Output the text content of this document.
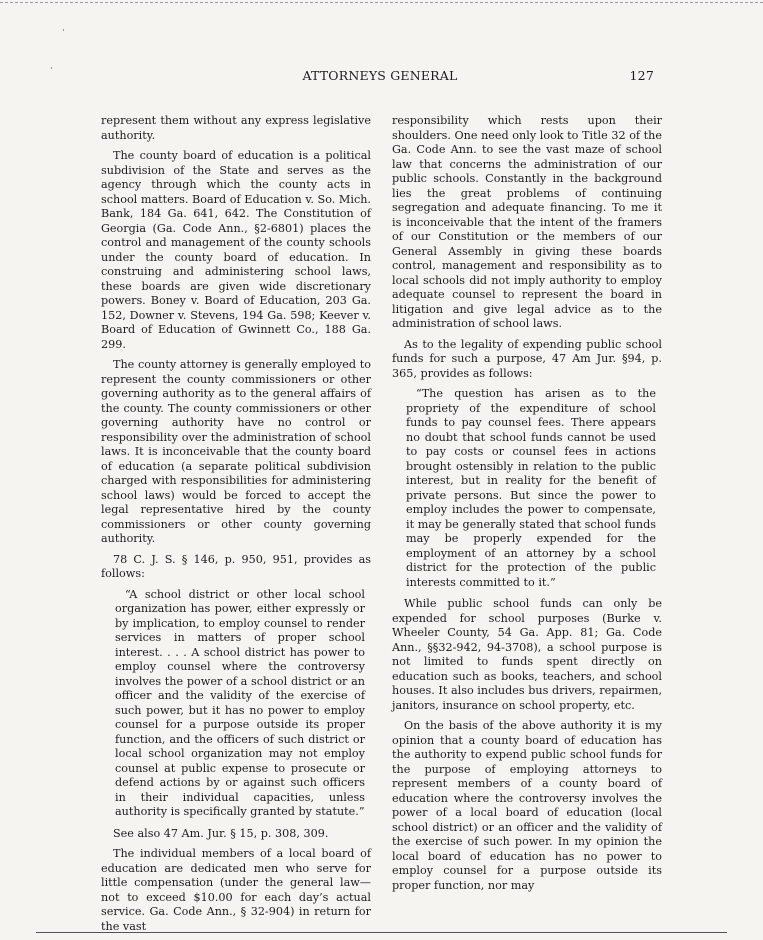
·
·	ATTORNEYS GENERAL	127

represent them without any express legislative authority.

The county board of education is a political subdivision of the State and serves as the agency through which the county acts in school matters. Board of Education v. So. Mich. Bank, 184 Ga. 641, 642. The Constitution of Georgia (Ga. Code Ann., §2-6801) places the control and management of the county schools under the county board of education. In construing and administering school laws, these boards are given wide discretionary powers. Boney v. Board of Education, 203 Ga. 152, Downer v. Stevens, 194 Ga. 598; Keever v. Board of Education of Gwinnett Co., 188 Ga. 299.

The county attorney is generally employed to represent the county commissioners or other governing authority as to the general affairs of the county. The county commissioners or other governing authority have no control or responsibility over the administration of school laws. It is inconceivable that the county board of education (a separate political subdivision charged with responsibilities for administering school laws) would be forced to accept the legal representative hired by the county commissioners or other county governing authority.

78 C. J. S. § 146, p. 950, 951, provides as follows:

“A school district or other local school organization has power, either expressly or by implication, to employ counsel to render services in matters of proper school interest. . . . A school district has power to employ counsel where the controversy involves the power of a school district or an officer and the validity of the exercise of such power, but it has no power to employ counsel for a purpose outside its proper function, and the officers of such district or local school organization may not employ counsel at public expense to prosecute or defend actions by or against such officers in their individual capacities, unless authority is specifically granted by statute.”

See also 47 Am. Jur. § 15, p. 308, 309.

The individual members of a local board of education are dedicated men who serve for little compensation (under the general law—not to exceed $10.00 for each day’s actual service. Ga. Code Ann., § 32-904) in return for the vast

responsibility which rests upon their shoulders. One need only look to Title 32 of the Ga. Code Ann. to see the vast maze of school law that concerns the administration of our public schools. Constantly in the background lies the great problems of continuing segregation and adequate financing. To me it is inconceivable that the intent of the framers of our Constitution or the members of our General Assembly in giving these boards control, management and responsibility as to local schools did not imply authority to employ adequate counsel to represent the board in litigation and give legal advice as to the administration of school laws.

As to the legality of expending public school funds for such a purpose, 47 Am Jur. §94, p. 365, provides as follows:

“The question has arisen as to the propriety of the expenditure of school funds to pay counsel fees. There appears no doubt that school funds cannot be used to pay costs or counsel fees in actions brought ostensibly in relation to the public interest, but in reality for the benefit of private persons. But since the power to employ includes the power to compensate, it may be generally stated that school funds may be properly expended for the employment of an attorney by a school district for the protection of the public interests committed to it.”

While public school funds can only be expended for school purposes (Burke v. Wheeler County, 54 Ga. App. 81; Ga. Code Ann., §§32-942, 94-3708), a school purpose is not limited to funds spent directly on education such as books, teachers, and school houses. It also includes bus drivers, repairmen, janitors, insurance on school property, etc.

On the basis of the above authority it is my opinion that a county board of education has the authority to expend public school funds for the purpose of employing attorneys to represent members of a county board of education where the controversy involves the power of a local board of education (local school district) or an officer and the validity of the exercise of such power. In my opinion the local board of education has no power to employ counsel for a purpose outside its proper function, nor may
